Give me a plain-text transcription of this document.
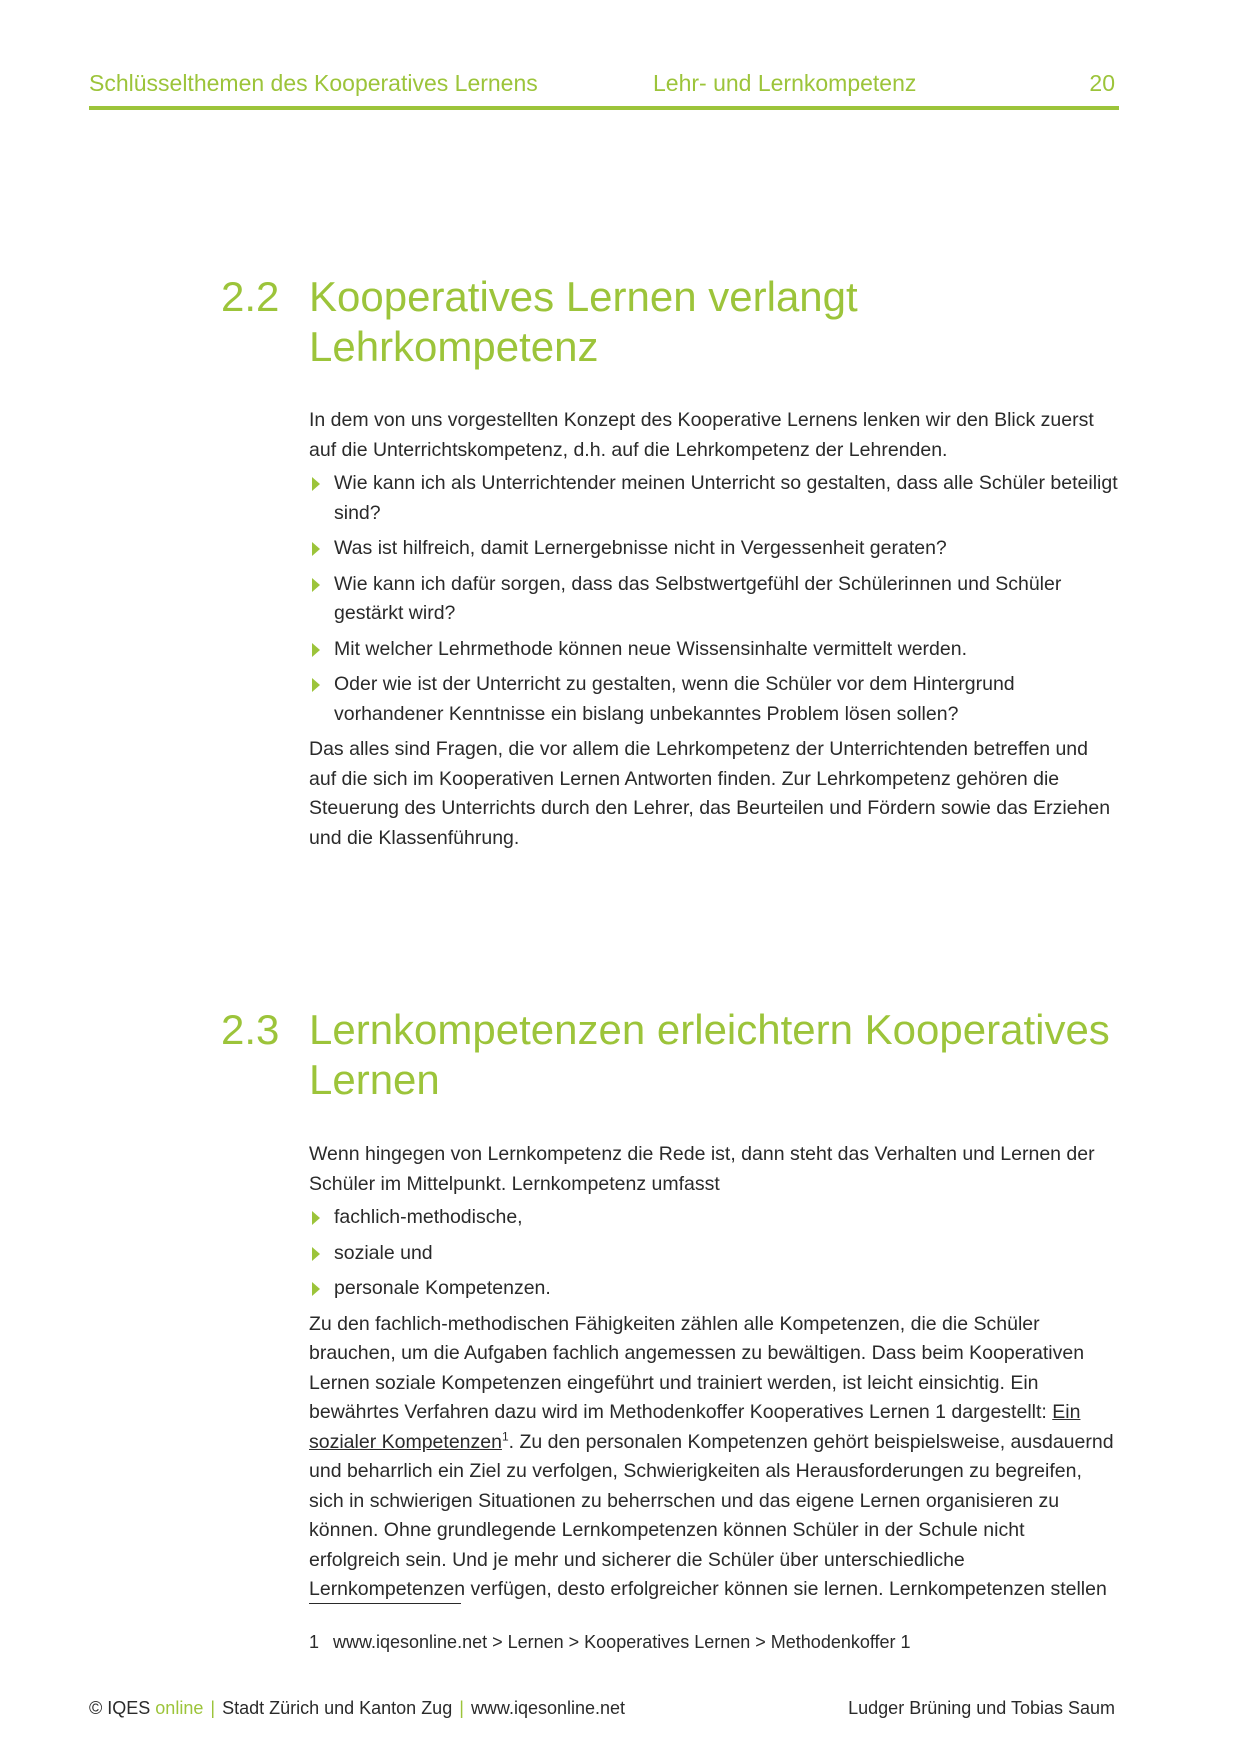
Schlüsselthemen des Kooperatives Lernens	Lehr- und Lernkompetenz	20
2.2 Kooperatives Lernen verlangt
Lehrkompetenz

In dem von uns vorgestellten Konzept des Kooperative Lernens lenken wir den Blick zuerst auf die Unterrichtskompetenz, d.h. auf die Lehrkompetenz der Lehrenden.

Wie kann ich als Unterrichtender meinen Unterricht so gestalten, dass alle Schüler beteiligt sind?
Was ist hilfreich, damit Lernergebnisse nicht in Vergessenheit geraten?
Wie kann ich dafür sorgen, dass das Selbstwertgefühl der Schülerinnen und Schüler gestärkt wird?
Mit welcher Lehrmethode können neue Wissensinhalte vermittelt werden.
Oder wie ist der Unterricht zu gestalten, wenn die Schüler vor dem Hintergrund vorhandener Kenntnisse ein bislang unbekanntes Problem lösen sollen?

Das alles sind Fragen, die vor allem die Lehrkompetenz der Unterrichtenden betreffen und auf die sich im Kooperativen Lernen Antworten finden. Zur Lehrkompetenz gehören die Steuerung des Unterrichts durch den Lehrer, das Beurteilen und Fördern sowie das Erziehen und die Klassenführung.

2.3 Lernkompetenzen erleichtern Kooperatives
Lernen

Wenn hingegen von Lernkompetenz die Rede ist, dann steht das Verhalten und Lernen der Schüler im Mittelpunkt. Lernkompetenz umfasst

fachlich-methodische,
soziale und
personale Kompetenzen.

Zu den fachlich-methodischen Fähigkeiten zählen alle Kompetenzen, die die Schüler brauchen, um die Aufgaben fachlich angemessen zu bewältigen. Dass beim Kooperativen Lernen soziale Kompetenzen eingeführt und trainiert werden, ist leicht einsichtig. Ein bewährtes Verfahren dazu wird im Methodenkoffer Kooperatives Lernen 1 dargestellt: Ein sozialer Kompetenzen$^1$. Zu den personalen Kompetenzen gehört beispielsweise, ausdauernd und beharrlich ein Ziel zu verfolgen, Schwierigkeiten als Herausforderungen zu begreifen, sich in schwierigen Situationen zu beherrschen und das eigene Lernen organisieren zu können. Ohne grundlegende Lernkompetenzen können Schüler in der Schule nicht erfolgreich sein. Und je mehr und sicherer die Schüler über unterschiedliche Lernkompetenzen verfügen, desto erfolgreicher können sie lernen. Lernkompetenzen stellen

1 www.iqesonline.net > Lernen > Kooperatives Lernen > Methodenkoffer 1
© IQES online | Stadt Zürich und Kanton Zug | www.iqesonline.net	Ludger Brüning und Tobias Saum
